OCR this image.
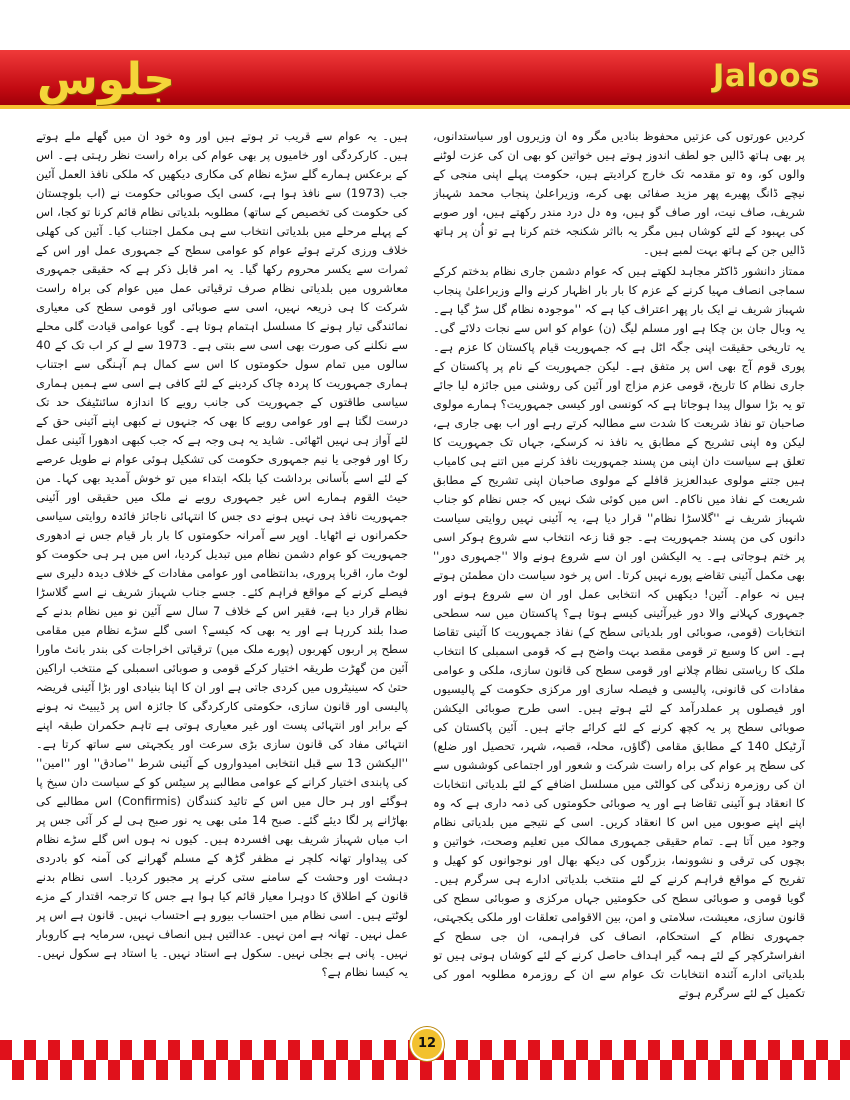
جلوس	Jaloos

کردیں عورتوں کی عزتیں محفوظ بنادیں مگر وہ ان وزیروں اور سیاستدانوں، پر بھی ہاتھ ڈالیں جو لطف اندوز ہوتے ہیں خواتین کو بھی ان کی عزت لوٹنے والوں کو، وہ تو مقدمہ تک خارج کرادیتے ہیں، حکومت پہلے اپنی منجی کے نیچے ڈانگ پھیرے پھر مزید صفائی بھی کرے، وزیراعلیٰ پنجاب محمد شہباز شریف، صاف نیت، اور صاف گو ہیں، وہ دل درد مندر رکھتے ہیں، اور صوبے کی بہبود کے لئے کوشاں ہیں مگر یہ بااثر شکنجہ ختم کرنا ہے تو اُن پر ہاتھ ڈالیں جن کے ہاتھ بہت لمبے ہیں۔

ممتاز دانشور ڈاکٹر مجاہد لکھتے ہیں کہ عوام دشمن جاری نظام بدختم کرکے سماجی انصاف مہیا کرنے کے عزم کا بار بار اظہار کرنے والے وزیراعلیٰ پنجاب شہباز شریف نے ایک بار پھر اعتراف کیا ہے کہ ''موجودہ نظام گل سڑ گیا ہے۔ یہ وبال جان بن چکا ہے اور مسلم لیگ (ن) عوام کو اس سے نجات دلائے گی۔ یہ تاریخی حقیقت اپنی جگہ اٹل ہے کہ جمہوریت قیام پاکستان کا عزم ہے۔ پوری قوم آج بھی اس پر متفق ہے۔ لیکن جمہوریت کے نام پر پاکستان کے جاری نظام کا تاریخ، قومی عزم مزاج اور آئین کی روشنی میں جائزہ لیا جائے تو یہ بڑا سوال پیدا ہوجاتا ہے کہ کونسی اور کیسی جمہوریت؟ ہمارے مولوی صاحبان تو نفاذ شریعت کا شدت سے مطالبہ کرتے رہے اور اب بھی جاری ہے، لیکن وہ اپنی تشریح کے مطابق یہ نافذ نہ کرسکے، جہاں تک جمہوریت کا تعلق ہے سیاست دان اپنی من پسند جمہوریت نافذ کرنے میں اتنے ہی کامیاب ہیں جتنے مولوی عبدالعزیز قافلے کے مولوی صاحبان اپنی تشریح کے مطابق شریعت کے نفاذ میں ناکام۔ اس میں کوئی شک نہیں کہ جس نظام کو جناب شہباز شریف نے ''گلاسڑا نظام'' قرار دیا ہے، یہ آئینی نہیں روایتی سیاست دانوں کی من پسند جمہوریت ہے۔ جو قنا زعہ انتخاب سے شروع ہوکر اسی پر ختم ہوجاتی ہے۔ یہ الیکشن اور ان سے شروع ہونے والا ''جمہوری دور'' بھی مکمل آئینی تقاضے پورے نہیں کرتا۔ اس پر خود سیاست دان مطمئن ہوتے ہیں نہ عوام۔ آئین! دیکھیں کہ انتخابی عمل اور ان سے شروع ہونے اور جمہوری کہلانے والا دور غیرآئینی کیسے ہوتا ہے؟ پاکستان میں سہ سطحی انتخابات (قومی، صوبائی اور بلدیاتی سطح کے) نفاذ جمہوریت کا آئینی تقاضا ہے۔ اس کا وسیع تر قومی مقصد بہت واضح ہے کہ قومی اسمبلی کا انتخاب ملک کا ریاستی نظام چلانے اور قومی سطح کی قانون سازی، ملکی و عوامی مفادات کی قانونی، پالیسی و فیصلہ سازی اور مرکزی حکومت کے پالیسیوں اور فیصلوں پر عملدرآمد کے لئے ہوتے ہیں۔ اسی طرح صوبائی الیکشن صوبائی سطح پر یہ کچھ کرنے کے لئے کرائے جاتے ہیں۔ آئین پاکستان کی آرٹیکل 140 کے مطابق مقامی (گاؤں، محلہ، قصبہ، شہر، تحصیل اور ضلع) کی سطح پر عوام کی براہ راست شرکت و شعور اور اجتماعی کوششوں سے ان کی روزمرہ زندگی کی کوالٹی میں مسلسل اضافے کے لئے بلدیاتی انتخابات کا انعقاد ہو آئینی تقاضا ہے اور یہ صوبائی حکومتوں کی ذمہ داری ہے کہ وہ اپنے اپنے صوبوں میں اس کا انعقاد کریں۔ اسی کے نتیجے میں بلدیاتی نظام وجود میں آتا ہے۔ تمام حقیقی جمہوری ممالک میں تعلیم وصحت، خواتین و بچوں کی ترقی و نشوونما، بزرگوں کی دیکھ بھال اور نوجوانوں کو کھیل و تفریح کے مواقع فراہم کرنے کے لئے منتخب بلدیاتی ادارے ہی سرگرم ہیں۔ گویا قومی و صوبائی سطح کی حکومتیں جہاں مرکزی و صوبائی سطح کی قانون سازی، معیشت، سلامتی و امن، بین الاقوامی تعلقات اور ملکی یکجہتی، جمہوری نظام کے استحکام، انصاف کی فراہمی، ان جی سطح کے انفراسٹرکچر کے لئے ہمہ گیر اہداف حاصل کرنے کے لئے کوشاں ہوتی ہیں تو بلدیاتی ادارے آئندہ انتخابات تک عوام سے ان کے روزمرہ مطلوبہ امور کی تکمیل کے لئے سرگرم ہوتے

ہیں۔ یہ عوام سے قریب تر ہوتے ہیں اور وہ خود ان میں گھلے ملے ہوتے ہیں۔ کارکردگی اور خامیوں پر بھی عوام کی براہ راست نظر رہتی ہے۔ اس کے برعکس ہمارے گلے سڑے نظام کی مکاری دیکھیں کہ ملکی نافذ العمل آئین جب (1973) سے نافذ ہوا ہے، کسی ایک صوبائی حکومت نے (اب بلوچستان کی حکومت کی تخصیص کے ساتھ) مطلوبہ بلدیاتی نظام قائم کرنا تو کجا، اس کے پہلے مرحلے میں بلدیاتی انتخاب سے ہی مکمل اجتناب کیا۔ آئین کی کھلی خلاف ورزی کرتے ہوئے عوام کو عوامی سطح کے جمہوری عمل اور اس کے ثمرات سے یکسر محروم رکھا گیا۔ یہ امر قابل ذکر ہے کہ حقیقی جمہوری معاشروں میں بلدیاتی نظام صرف ترقیاتی عمل میں عوام کی براہ راست شرکت کا ہی ذریعہ نہیں، اسی سے صوبائی اور قومی سطح کی معیاری نمائندگی تیار ہونے کا مسلسل اہتمام ہوتا ہے۔ گویا عوامی قیادت گلی محلے سے نکلنے کی صورت بھی اسی سے بنتی ہے۔ 1973 سے لے کر اب تک کے 40 سالوں میں تمام سول حکومتوں کا اس سے کمال ہم آہنگی سے اجتناب ہماری جمہوریت کا پردہ چاک کردینے کے لئے کافی ہے اسی سے ہمیں ہماری سیاسی طاقتوں کے جمہوریت کی جانب رویے کا اندازہ سائنٹیفک حد تک درست لگتا ہے اور عوامی رویے کا بھی کہ جنہوں نے کبھی اپنے آئینی حق کے لئے آواز ہی نہیں اٹھائی۔ شاید یہ ہی وجہ ہے کہ جب کبھی ادھورا آئینی عمل رکا اور فوجی یا نیم جمہوری حکومت کی تشکیل ہوئی عوام نے طویل عرصے کے لئے اسے بآسانی برداشت کیا بلکہ ابتداء میں تو خوش آمدید بھی کہا۔ من حیث القوم ہمارے اس غیر جمہوری رویے نے ملک میں حقیقی اور آئینی جمہوریت نافذ ہی نہیں ہونے دی جس کا انتہائی ناجائز فائدہ روایتی سیاسی حکمرانوں نے اٹھایا۔ اوپر سے آمرانہ حکومتوں کا بار بار قیام جس نے ادھوری جمہوریت کو عوام دشمن نظام میں تبدیل کردیا، اس میں ہر ہی حکومت کو لوٹ مار، اقربا پروری، بدانتظامی اور عوامی مفادات کے خلاف دیدہ دلیری سے فیصلے کرنے کے مواقع فراہم کئے۔ جسے جناب شہباز شریف نے اسے گلاسڑا نظام قرار دیا ہے، فقیر اس کے خلاف 7 سال سے آئین نو میں نظام بدنے کے صدا بلند کررہا ہے اور یہ بھی کہ کیسے؟ اسی گلے سڑے نظام میں مقامی سطح پر اربوں کھربوں (پورے ملک میں) ترقیاتی اخراجات کی بندر بانٹ ماورا آئین من گھڑت طریقہ اختیار کرکے قومی و صوبائی اسمبلی کے منتخب اراکین حتیٰ کہ سینیٹروں میں کردی جاتی ہے اور ان کا اپنا بنیادی اور بڑا آئینی فریضہ پالیسی اور قانون سازی، حکومتی کارکردگی کا جائزہ اس پر ڈیبیٹ نہ ہونے کے برابر اور انتہائی پست اور غیر معیاری ہوتی ہے تاہم حکمران طبقہ اپنے انتہائی مفاد کی قانون سازی بڑی سرعت اور یکجہتی سے ساتھ کرتا ہے۔ ''الیکشن 13 سے قبل انتخابی امیدواروں کے آئینی شرط ''صادق'' اور ''امین'' کی پابندی اختیار کرانے کے عوامی مطالبے پر سیٹس کو کے سیاست دان سیخ پا ہوگئے اور ہر حال میں اس کے تائید کنندگان (Confirmis) اس مطالبے کی بھاڑانے پر لگا دیئے گئے۔ صبح 14 مئی بھی یہ نور صبح ہی لے کر آئی جس پر اب میاں شہباز شریف بھی افسردہ ہیں۔ کیوں نہ ہوں اس گلے سڑے نظام کی پیداوار تھانہ کلچر نے مظفر گڑھ کے مسلم گھرانے کی آمنہ کو بادردی دہشت اور وحشت کے سامنے ستی کرنے پر مجبور کردیا۔ اسی نظام بدنے قانون کے اطلاق کا دوہرا معیار قائم کیا ہوا ہے جس کا ترجمہ اقتدار کے مزے لوٹتے ہیں۔ اسی نظام میں احتساب بیورو ہے احتساب نہیں۔ قانون ہے اس پر عمل نہیں۔ تھانہ ہے امن نہیں۔ عدالتیں ہیں انصاف نہیں، سرمایہ ہے کاروبار نہیں۔ پانی ہے بجلی نہیں۔ سکول ہے استاد نہیں۔ یا استاد ہے سکول نہیں۔ یہ کیسا نظام ہے؟

12
